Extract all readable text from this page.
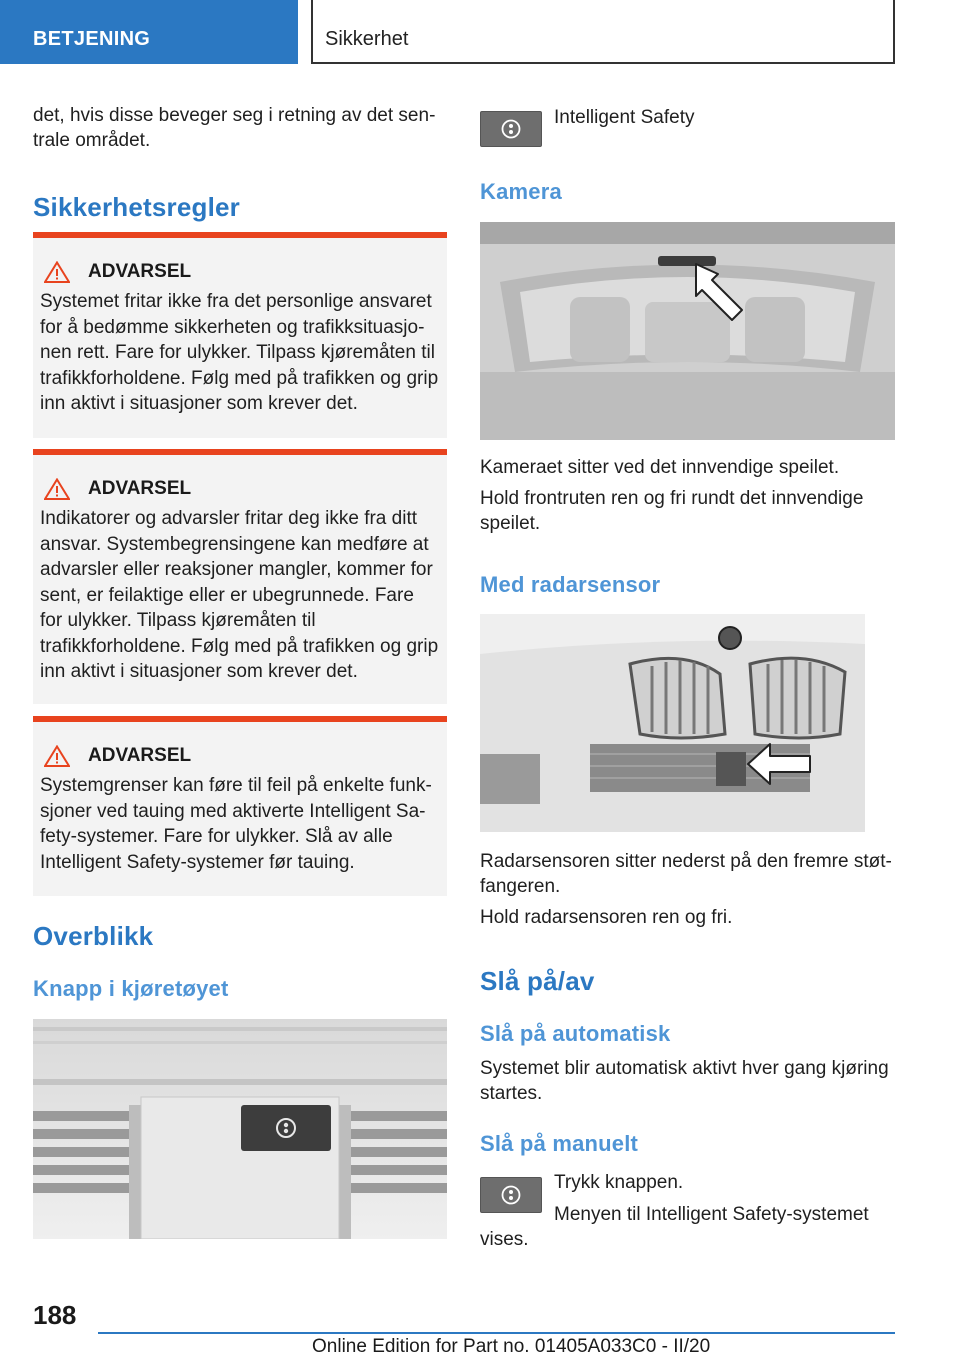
BETJENING	Sikkerhet

det, hvis disse beveger seg i retning av det sen-
trale området.

Sikkerhetsregler
ADVARSEL
Systemet fritar ikke fra det personlige ansvaret for å bedømme sikkerheten og trafikksituasjonen rett. Fare for ulykker. Tilpass kjøremåten til trafikkforholdene. Følg med på trafikken og grip inn aktivt i situasjoner som krever det.
ADVARSEL
Indikatorer og advarsler fritar deg ikke fra ditt ansvar. Systembegrensingene kan medføre at advarsler eller reaksjoner mangler, kommer for sent, er feilaktige eller er ubegrunnede. Fare for ulykker. Tilpass kjøremåten til trafikkforholdene. Følg med på trafikken og grip inn aktivt i situasjoner som krever det.
ADVARSEL
Systemgrenser kan føre til feil på enkelte funksjoner ved tauing med aktiverte Intelligent Safety-systemer. Fare for ulykker. Slå av alle Intelligent Safety-systemer før tauing.
Overblikk
Knapp i kjøretøyet

Intelligent Safety

Kamera

Kameraet sitter ved det innvendige speilet.

Hold frontruten ren og fri rundt det innvendige speilet.

Med radarsensor

Radarsensoren sitter nederst på den fremre støtfangeren.

Hold radarsensoren ren og fri.

Slå på/av
Slå på automatisk

Systemet blir automatisk aktivt hver gang kjøring startes.

Slå på manuelt

Trykk knappen.

Menyen til Intelligent Safety-systemet vises.

188
Online Edition for Part no. 01405A033C0 - II/20
